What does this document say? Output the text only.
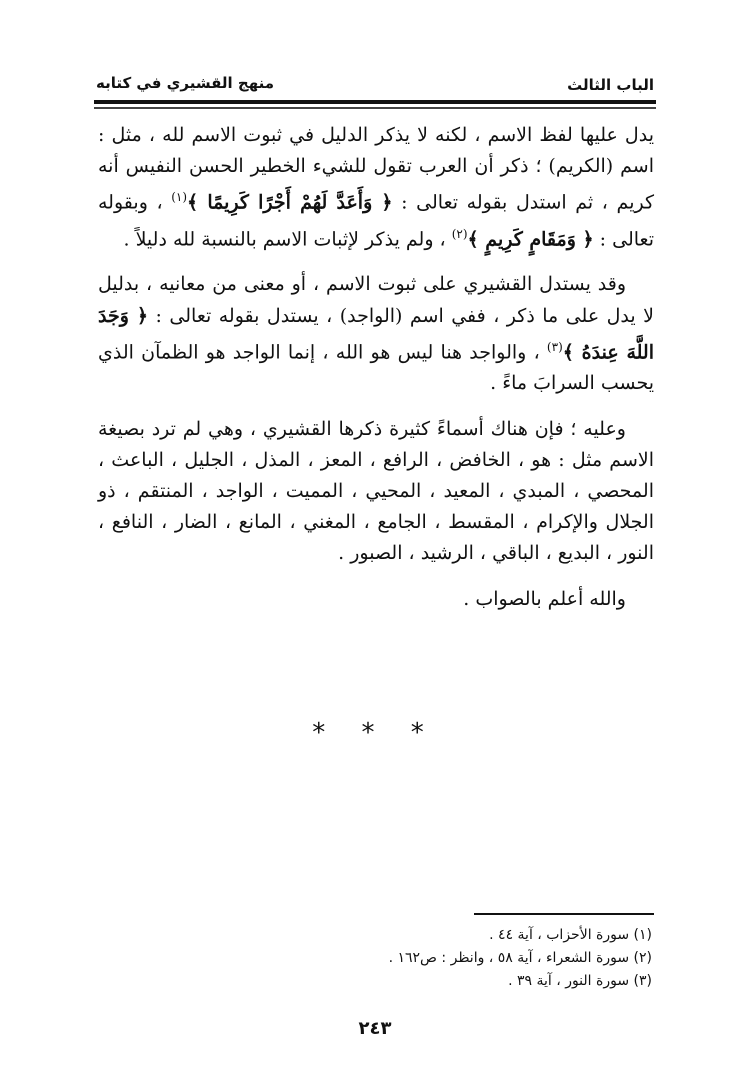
الباب الثالث
منهج القشيري في كتابه

يدل عليها لفظ الاسم ، لكنه لا يذكر الدليل في ثبوت الاسم لله ، مثل : اسم (الكريم) ؛ ذكر أن العرب تقول للشيء الخطير الحسن النفيس أنه كريم ، ثم استدل بقوله تعالى : ﴿ وَأَعَدَّ لَهُمْ أَجْرًا كَرِيمًا ﴾$^{(١)}$ ، وبقوله تعالى : ﴿ وَمَقَامٍ كَرِيمٍ ﴾$^{(٢)}$ ، ولم يذكر لإثبات الاسم بالنسبة لله دليلاً .

وقد يستدل القشيري على ثبوت الاسم ، أو معنى من معانيه ، بدليل لا يدل على ما ذكر ، ففي اسم (الواجد) ، يستدل بقوله تعالى : ﴿ وَجَدَ اللَّهَ عِندَهُ ﴾$^{(٣)}$ ، والواجد هنا ليس هو الله ، إنما الواجد هو الظمآن الذي يحسب السرابَ ماءً .

وعليه ؛ فإن هناك أسماءً كثيرة ذكرها القشيري ، وهي لم ترد بصيغة الاسم مثل : هو ، الخافض ، الرافع ، المعز ، المذل ، الجليل ، الباعث ، المحصي ، المبدي ، المعيد ، المحيي ، المميت ، الواجد ، المنتقم ، ذو الجلال والإكرام ، المقسط ، الجامع ، المغني ، المانع ، الضار ، النافع ، النور ، البديع ، الباقي ، الرشيد ، الصبور .

والله أعلم بالصواب .

* * *
(١) سورة الأحزاب ، آية ٤٤ .
(٢) سورة الشعراء ، آية ٥٨ ، وانظر : ص١٦٢ .
(٣) سورة النور ، آية ٣٩ .
٢٤٣
